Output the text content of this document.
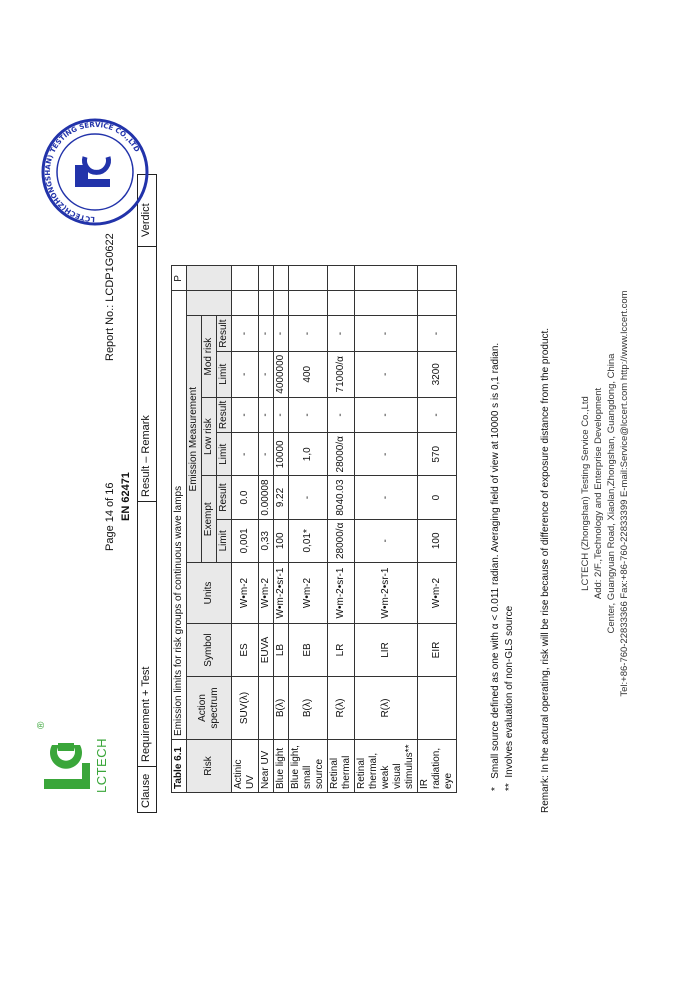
®
LCTECH
Page 14 of 16
Report No.: LCDP1G0622
EN 62471
Clause
Requirement + Test
Result – Remark
Verdict
Table 6.1	Emission limits for risk groups of continuous wave lamps										P
Risk	Action spectrum	Symbol	Units	Emission Measurement							
				Exempt		Low risk		Mod risk			
				Limit	Result	Limit	Result	Limit	Result		
Actinic UV	SUV(λ)	ES	W•m-2	0,001	0.0	-	-	-	-		
Near UV		EUVA	W•m-2	0,33	0.00008	-	-	-	-		
Blue light	B(λ)	LB	W•m-2•sr-1	100	9.22	10000	-	4000000	-		
Blue light, small source	B(λ)	EB	W•m-2	0,01*	-	1,0	-	400	-		
Retinal thermal	R(λ)	LR	W•m-2•sr-1	28000/α	8040.03	28000/α	-	71000/α	-		
Retinal thermal, weak visual stimulus**	R(λ)	LIR	W•m-2•sr-1	-	-	-	-	-	-		
IR radiation, eye		EIR	W•m-2	100	0	570	-	3200	-		
*   Small source defined as one with α < 0.011 radian. Averaging field of view at 10000 s is 0,1 radian.
**  Involves evaluation of non-GLS source	Remark: In the actural operating, risk will be rise because of difference of exposure distance from the product.	LCTECH (Zhongshan) Testing Service Co.,Ltd Add: 2/F.,Technology and Enterprise Development Center, Guangyuan Road, Xiaolan,Zhongshan, Guangdong, China Tel:+86-760-22833366 Fax:+86-760-22833399 E-mail:Service@lccert.com http://www.lccert.com
LCTECH(ZHONGSHAN) TESTING SERVICE CO.,LTD
